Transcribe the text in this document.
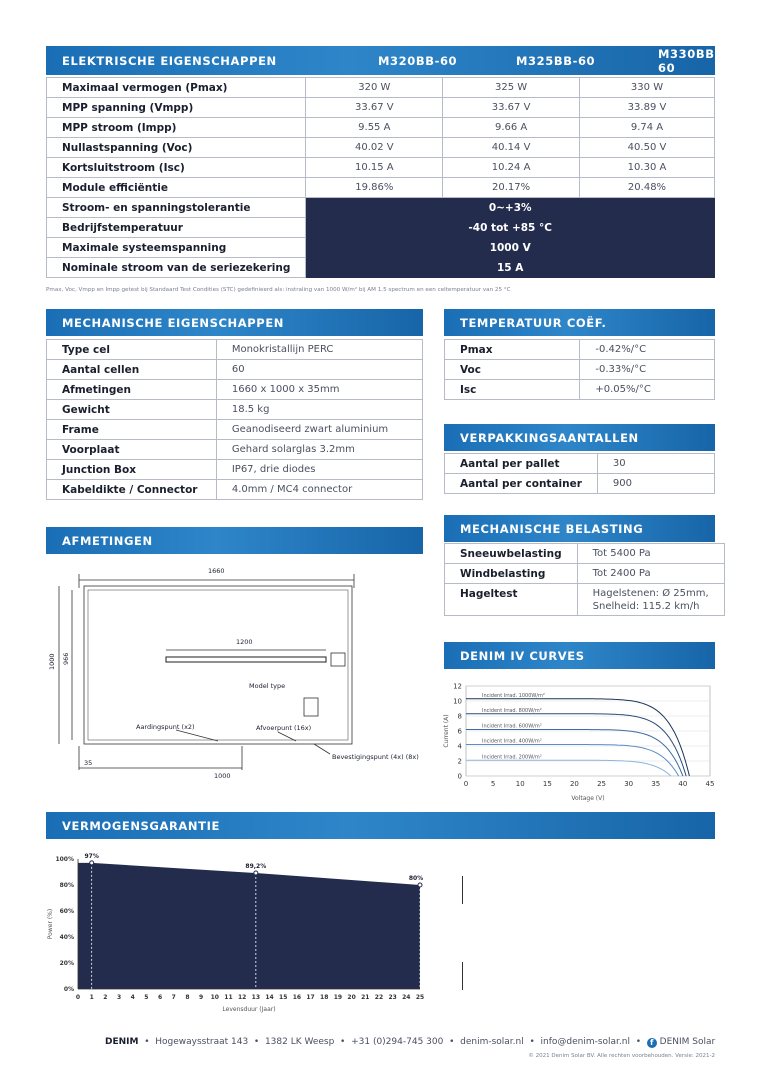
ELEKTRISCHE EIGENSCHAPPEN	M320BB-60	M325BB-60	M330BB-60
Maximaal vermogen (Pmax)	320 W	325 W	330 W
MPP spanning (Vmpp)	33.67 V	33.67 V	33.89 V
MPP stroom (Impp)	9.55 A	9.66 A	9.74 A
Nullastspanning (Voc)	40.02 V	40.14 V	40.50 V
Kortsluitstroom (Isc)	10.15 A	10.24 A	10.30 A
Module efficiëntie	19.86%	20.17%	20.48%
Stroom- en spanningstolerantie	0~+3%		
Bedrijfstemperatuur	-40 tot +85 °C		
Maximale systeemspanning	1000 V		
Nominale stroom van de seriezekering	15 A		
Pmax, Voc, Vmpp en Impp getest bij Standaard Test Condities (STC) gedefinieerd als: instraling van 1000 W/m² bij AM 1.5 spectrum en een celtemperatuur van 25 °C
MECHANISCHE EIGENSCHAPPEN
Type cel	Monokristallijn PERC
Aantal cellen	60
Afmetingen	1660 x 1000 x 35mm
Gewicht	18.5 kg
Frame	Geanodiseerd zwart aluminium
Voorplaat	Gehard solarglas 3.2mm
Junction Box	IP67, drie diodes
Kabeldikte / Connector	4.0mm / MC4 connector
TEMPERATUUR COËF.
Pmax	-0.42%/°C
Voc	-0.33%/°C
Isc	+0.05%/°C
VERPAKKINGSAANTALLEN
Aantal per pallet	30
Aantal per container	900
MECHANISCHE BELASTING
Sneeuwbelasting	Tot 5400 Pa
Windbelasting	Tot 2400 Pa
Hageltest	Hagelstenen: Ø 25mm,
Snelheid: 115.2 km/h
AFMETINGEN
1660
1200
1000
35
1000 966
Model type
Aardingspunt (x2)	Afvoerpunt (16x)
Bevestigingspunt (4x) (8x)
DENIM IV CURVES
0
2
4
6
8
10
12
0	5	10	15	20	25	30	35	40	45
Voltage (V)
Current (A)
Incident Irrad. 1000W/m²
Incident Irrad. 800W/m²
Incident Irrad. 600W/m²
Incident Irrad. 400W/m²
Incident Irrad. 200W/m²
VERMOGENSGARANTIE
0%
20%
40%
60%
80%
100%
0 1 2 3 4 5 6 7 8 9 10 11 12 13 14 15 16 17 18 19 20 21 22 23 24 25
97%
89,2%
80%
Levensduur (Jaar)
Power (%)
DENIM  •  Hogewaysstraat 143  •  1382 LK Weesp  •  +31 (0)294-745 300  •  denim-solar.nl  •  info@denim-solar.nl  •  f DENIM Solar
© 2021 Denim Solar BV. Alle rechten voorbehouden. Versie: 2021-2
